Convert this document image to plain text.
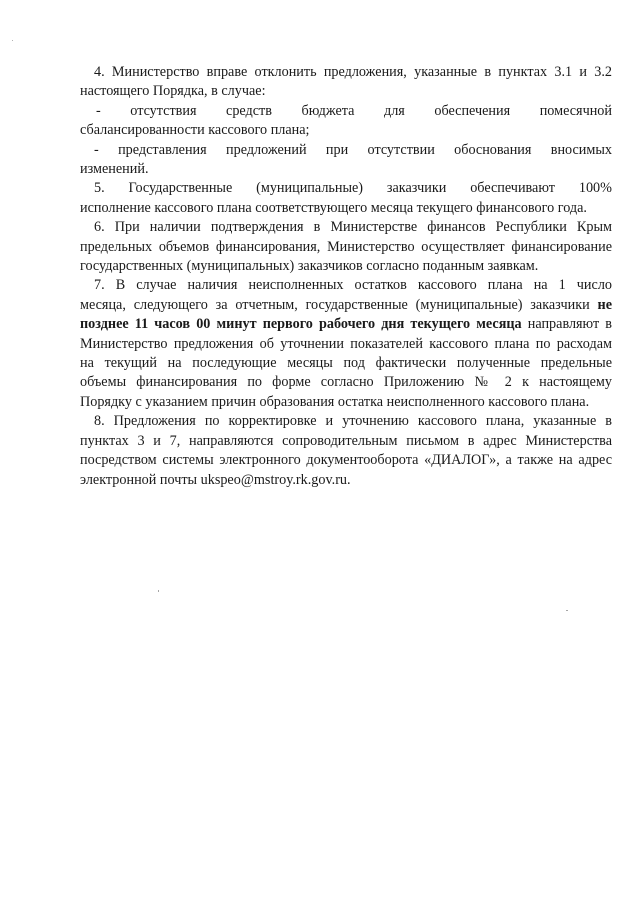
4. Министерство вправе отклонить предложения, указанные в пунктах 3.1 и 3.2
настоящего Порядка, в случае:
- отсутствия средств бюджета для обеспечения помесячной
сбалансированности кассового плана;
- представления предложений при отсутствии обоснования вносимых
изменений.
5. Государственные (муниципальные) заказчики обеспечивают 100%
исполнение кассового плана соответствующего месяца текущего финансового года.
6. При наличии подтверждения в Министерстве финансов Республики Крым
предельных объемов финансирования, Министерство осуществляет финансирование
государственных (муниципальных) заказчиков согласно поданным заявкам.
7. В случае наличия неисполненных остатков кассового плана на 1 число
месяца, следующего за отчетным, государственные (муниципальные) заказчики не
позднее 11 часов 00 минут первого рабочего дня текущего месяца направляют в
Министерство предложения об уточнении показателей кассового плана по расходам
на текущий на последующие месяцы под фактически полученные предельные
объемы финансирования по форме согласно Приложению № 2 к настоящему
Порядку с указанием причин образования остатка неисполненного кассового плана.
8. Предложения по корректировке и уточнению кассового плана, указанные в
пунктах 3 и 7, направляются сопроводительным письмом в адрес Министерства
посредством системы электронного документооборота «ДИАЛОГ», а также на адрес
электронной почты ukspeo@mstroy.rk.gov.ru.
